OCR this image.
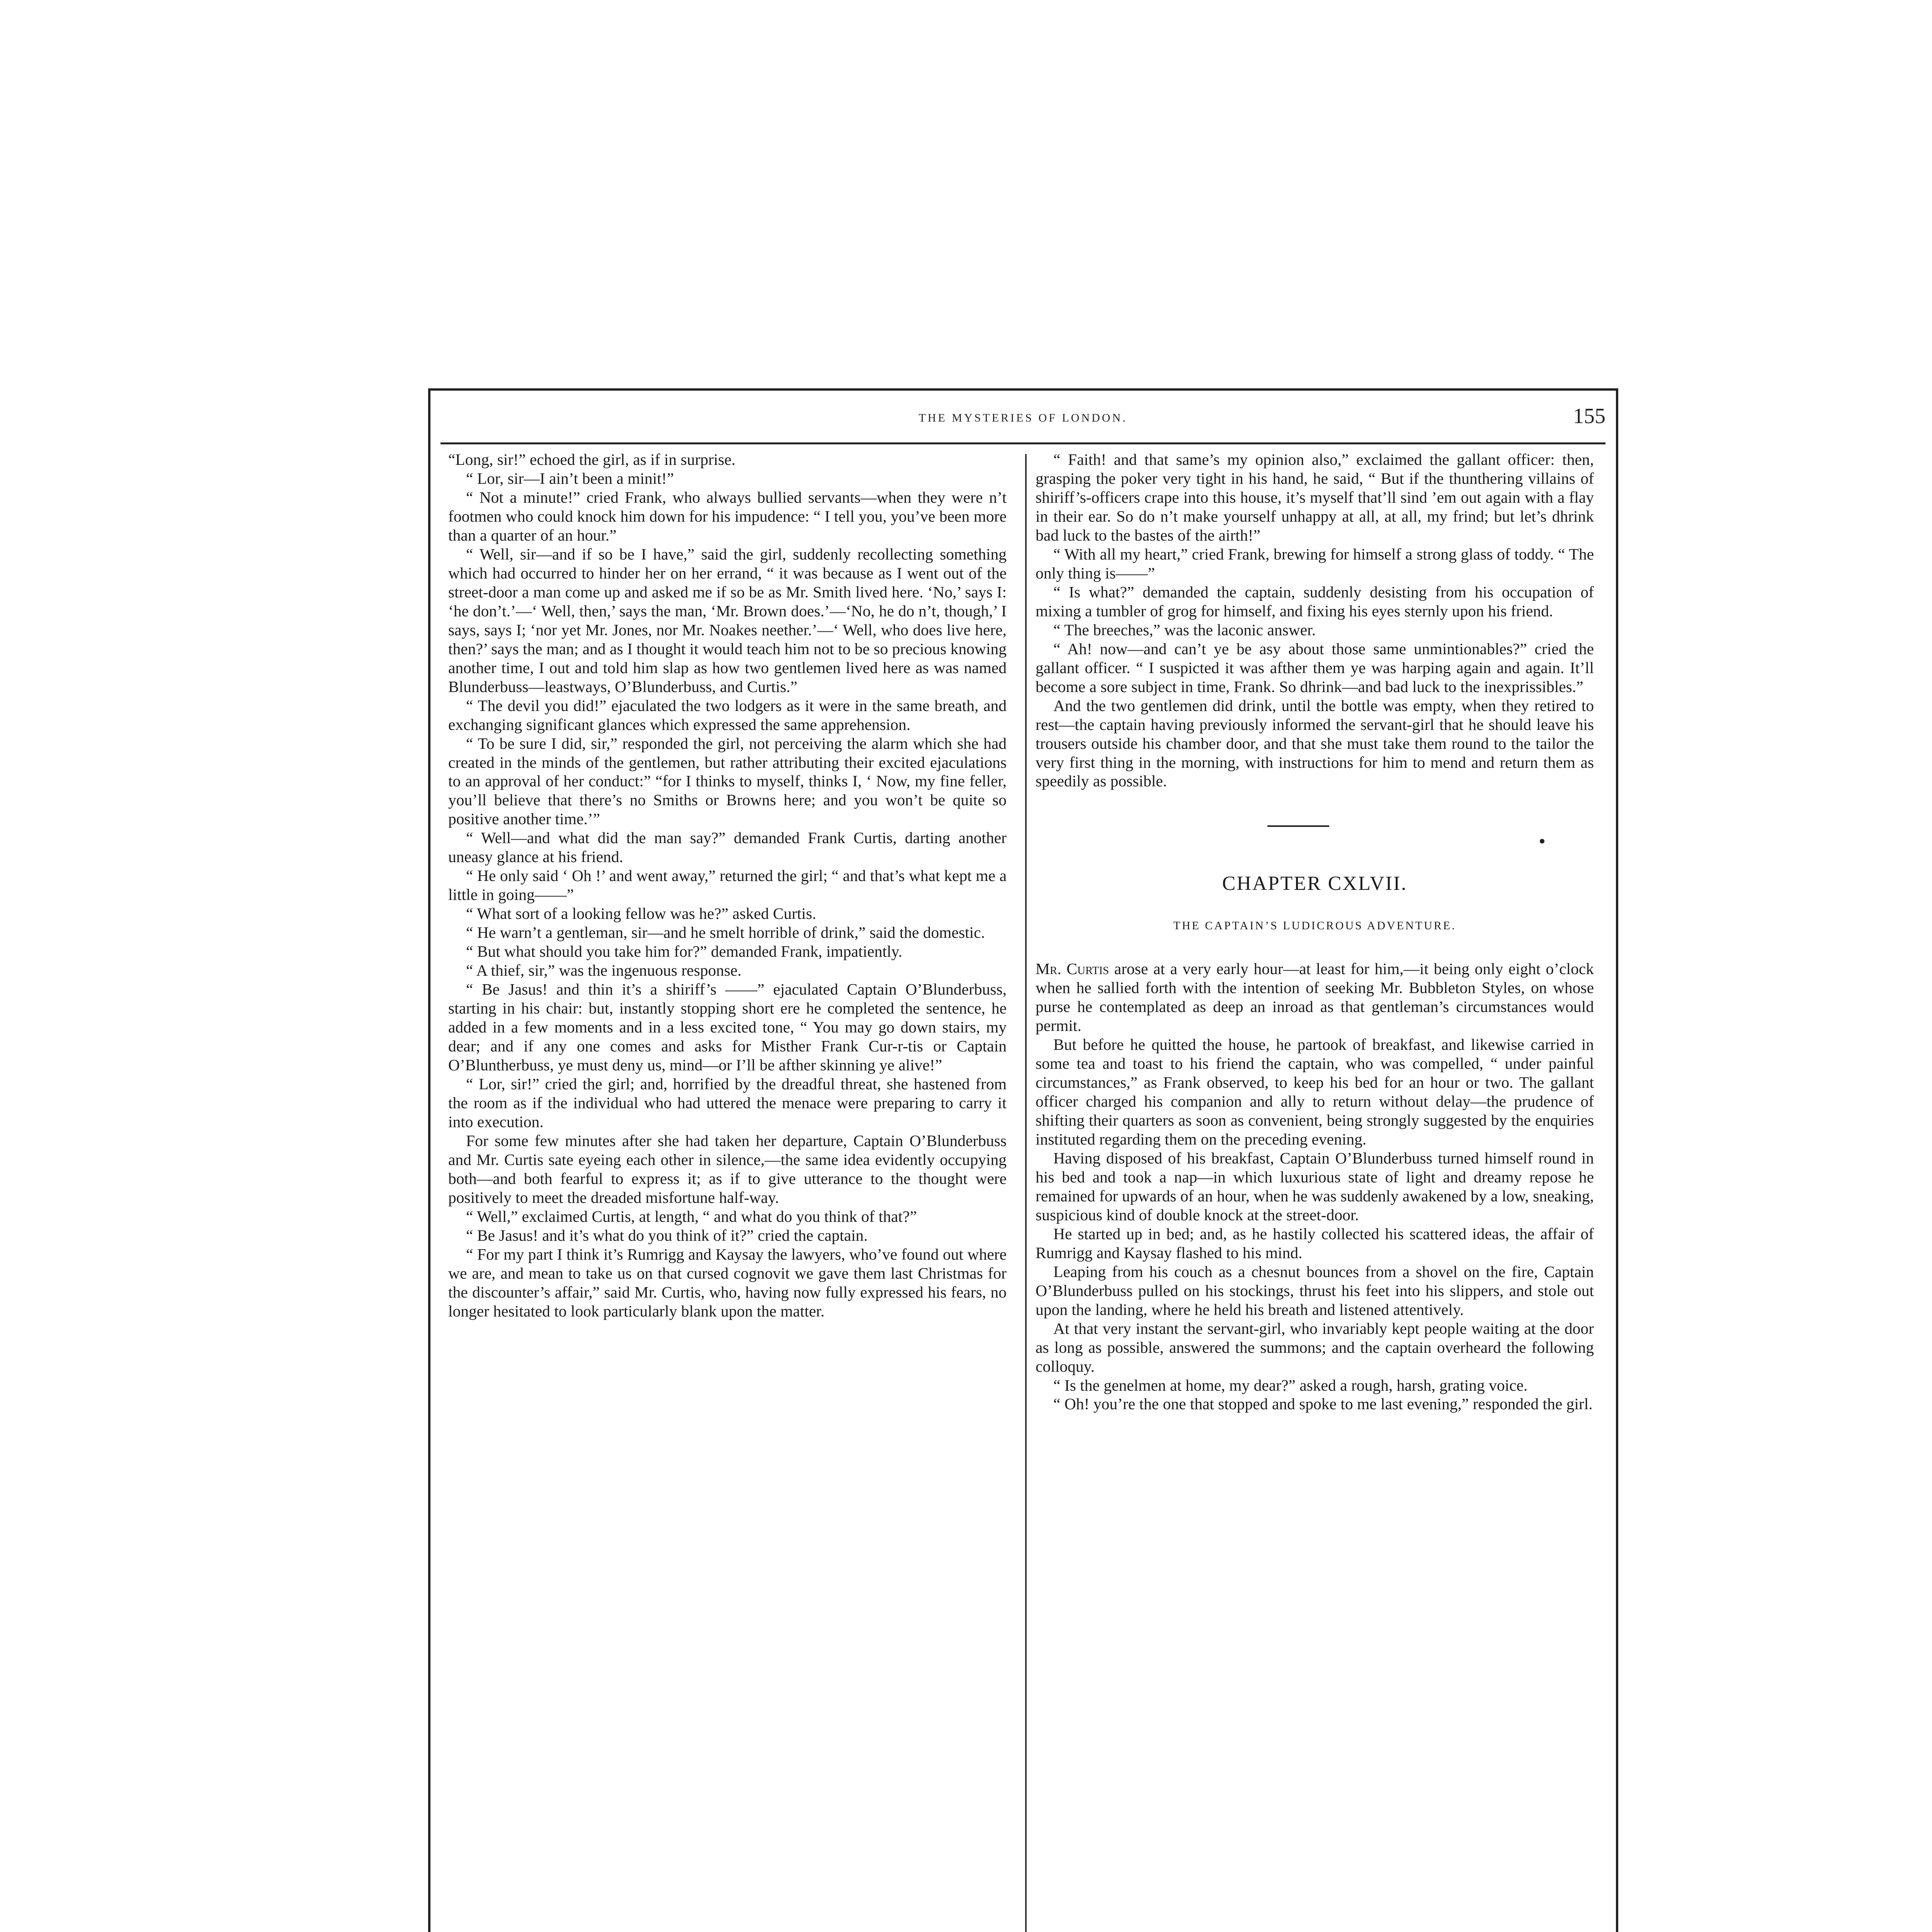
THE MYSTERIES OF LONDON.	155

“Long, sir!” echoed the girl, as if in surprise.

“ Lor, sir—I ain’t been a minit!”

“ Not a minute!” cried Frank, who always bullied servants—when they were n’t footmen who could knock him down for his impudence: “ I tell you, you’ve been more than a quarter of an hour.”

“ Well, sir—and if so be I have,” said the girl, suddenly recollecting something which had occurred to hinder her on her errand, “ it was because as I went out of the street-door a man come up and asked me if so be as Mr. Smith lived here. ‘No,’ says I: ‘he don’t.’—‘ Well, then,’ says the man, ‘Mr. Brown does.’—‘No, he do n’t, though,’ I says, says I; ‘nor yet Mr. Jones, nor Mr. Noakes neether.’—‘ Well, who does live here, then?’ says the man; and as I thought it would teach him not to be so precious knowing another time, I out and told him slap as how two gentlemen lived here as was named Blunderbuss—leastways, O’Blunderbuss, and Curtis.”

“ The devil you did!” ejaculated the two lodgers as it were in the same breath, and exchanging significant glances which expressed the same apprehension.

“ To be sure I did, sir,” responded the girl, not perceiving the alarm which she had created in the minds of the gentlemen, but rather attributing their excited ejaculations to an approval of her conduct:” “for I thinks to myself, thinks I, ‘ Now, my fine feller, you’ll believe that there’s no Smiths or Browns here; and you won’t be quite so positive another time.’”

“ Well—and what did the man say?” demanded Frank Curtis, darting another uneasy glance at his friend.

“ He only said ‘ Oh !’ and went away,” returned the girl; “ and that’s what kept me a little in going——”

“ What sort of a looking fellow was he?” asked Curtis.

“ He warn’t a gentleman, sir—and he smelt horrible of drink,” said the domestic.

“ But what should you take him for?” demanded Frank, impatiently.

“ A thief, sir,” was the ingenuous response.

“ Be Jasus! and thin it’s a shiriff’s ——” ejaculated Captain O’Blunderbuss, starting in his chair: but, instantly stopping short ere he completed the sentence, he added in a few moments and in a less excited tone, “ You may go down stairs, my dear; and if any one comes and asks for Misther Frank Cur-r-tis or Captain O’Bluntherbuss, ye must deny us, mind—or I’ll be afther skinning ye alive!”

“ Lor, sir!” cried the girl; and, horrified by the dreadful threat, she hastened from the room as if the individual who had uttered the menace were preparing to carry it into execution.

For some few minutes after she had taken her departure, Captain O’Blunderbuss and Mr. Curtis sate eyeing each other in silence,—the same idea evidently occupying both—and both fearful to express it; as if to give utterance to the thought were positively to meet the dreaded misfortune half-way.

“ Well,” exclaimed Curtis, at length, “ and what do you think of that?”

“ Be Jasus! and it’s what do you think of it?” cried the captain.

“ For my part I think it’s Rumrigg and Kaysay the lawyers, who’ve found out where we are, and mean to take us on that cursed cognovit we gave them last Christmas for the discounter’s affair,” said Mr. Curtis, who, having now fully expressed his fears, no longer hesitated to look particularly blank upon the matter.

“ Faith! and that same’s my opinion also,” exclaimed the gallant officer: then, grasping the poker very tight in his hand, he said, “ But if the thunthering villains of shiriff’s-officers crape into this house, it’s myself that’ll sind ’em out again with a flay in their ear. So do n’t make yourself unhappy at all, at all, my frind; but let’s dhrink bad luck to the bastes of the airth!”

“ With all my heart,” cried Frank, brewing for himself a strong glass of toddy. “ The only thing is——”

“ Is what?” demanded the captain, suddenly desisting from his occupation of mixing a tumbler of grog for himself, and fixing his eyes sternly upon his friend.

“ The breeches,” was the laconic answer.

“ Ah! now—and can’t ye be asy about those same unmintionables?” cried the gallant officer. “ I suspicted it was afther them ye was harping again and again. It’ll become a sore subject in time, Frank. So dhrink—and bad luck to the inexprissibles.”

And the two gentlemen did drink, until the bottle was empty, when they retired to rest—the captain having previously informed the servant-girl that he should leave his trousers outside his chamber door, and that she must take them round to the tailor the very first thing in the morning, with instructions for him to mend and return them as speedily as possible.

CHAPTER CXLVII.
THE CAPTAIN’S LUDICROUS ADVENTURE.

Mr. Curtis arose at a very early hour—at least for him,—it being only eight o’clock when he sallied forth with the intention of seeking Mr. Bubbleton Styles, on whose purse he contemplated as deep an inroad as that gentleman’s circumstances would permit.

But before he quitted the house, he partook of breakfast, and likewise carried in some tea and toast to his friend the captain, who was compelled, “ under painful circumstances,” as Frank observed, to keep his bed for an hour or two. The gallant officer charged his companion and ally to return without delay—the prudence of shifting their quarters as soon as convenient, being strongly suggested by the enquiries instituted regarding them on the preceding evening.

Having disposed of his breakfast, Captain O’Blunderbuss turned himself round in his bed and took a nap—in which luxurious state of light and dreamy repose he remained for upwards of an hour, when he was suddenly awakened by a low, sneaking, suspicious kind of double knock at the street-door.

He started up in bed; and, as he hastily collected his scattered ideas, the affair of Rumrigg and Kaysay flashed to his mind.

Leaping from his couch as a chesnut bounces from a shovel on the fire, Captain O’Blunderbuss pulled on his stockings, thrust his feet into his slippers, and stole out upon the landing, where he held his breath and listened attentively.

At that very instant the servant-girl, who invariably kept people waiting at the door as long as possible, answered the summons; and the captain overheard the following colloquy.

“ Is the genelmen at home, my dear?” asked a rough, harsh, grating voice.

“ Oh! you’re the one that stopped and spoke to me last evening,” responded the girl.
